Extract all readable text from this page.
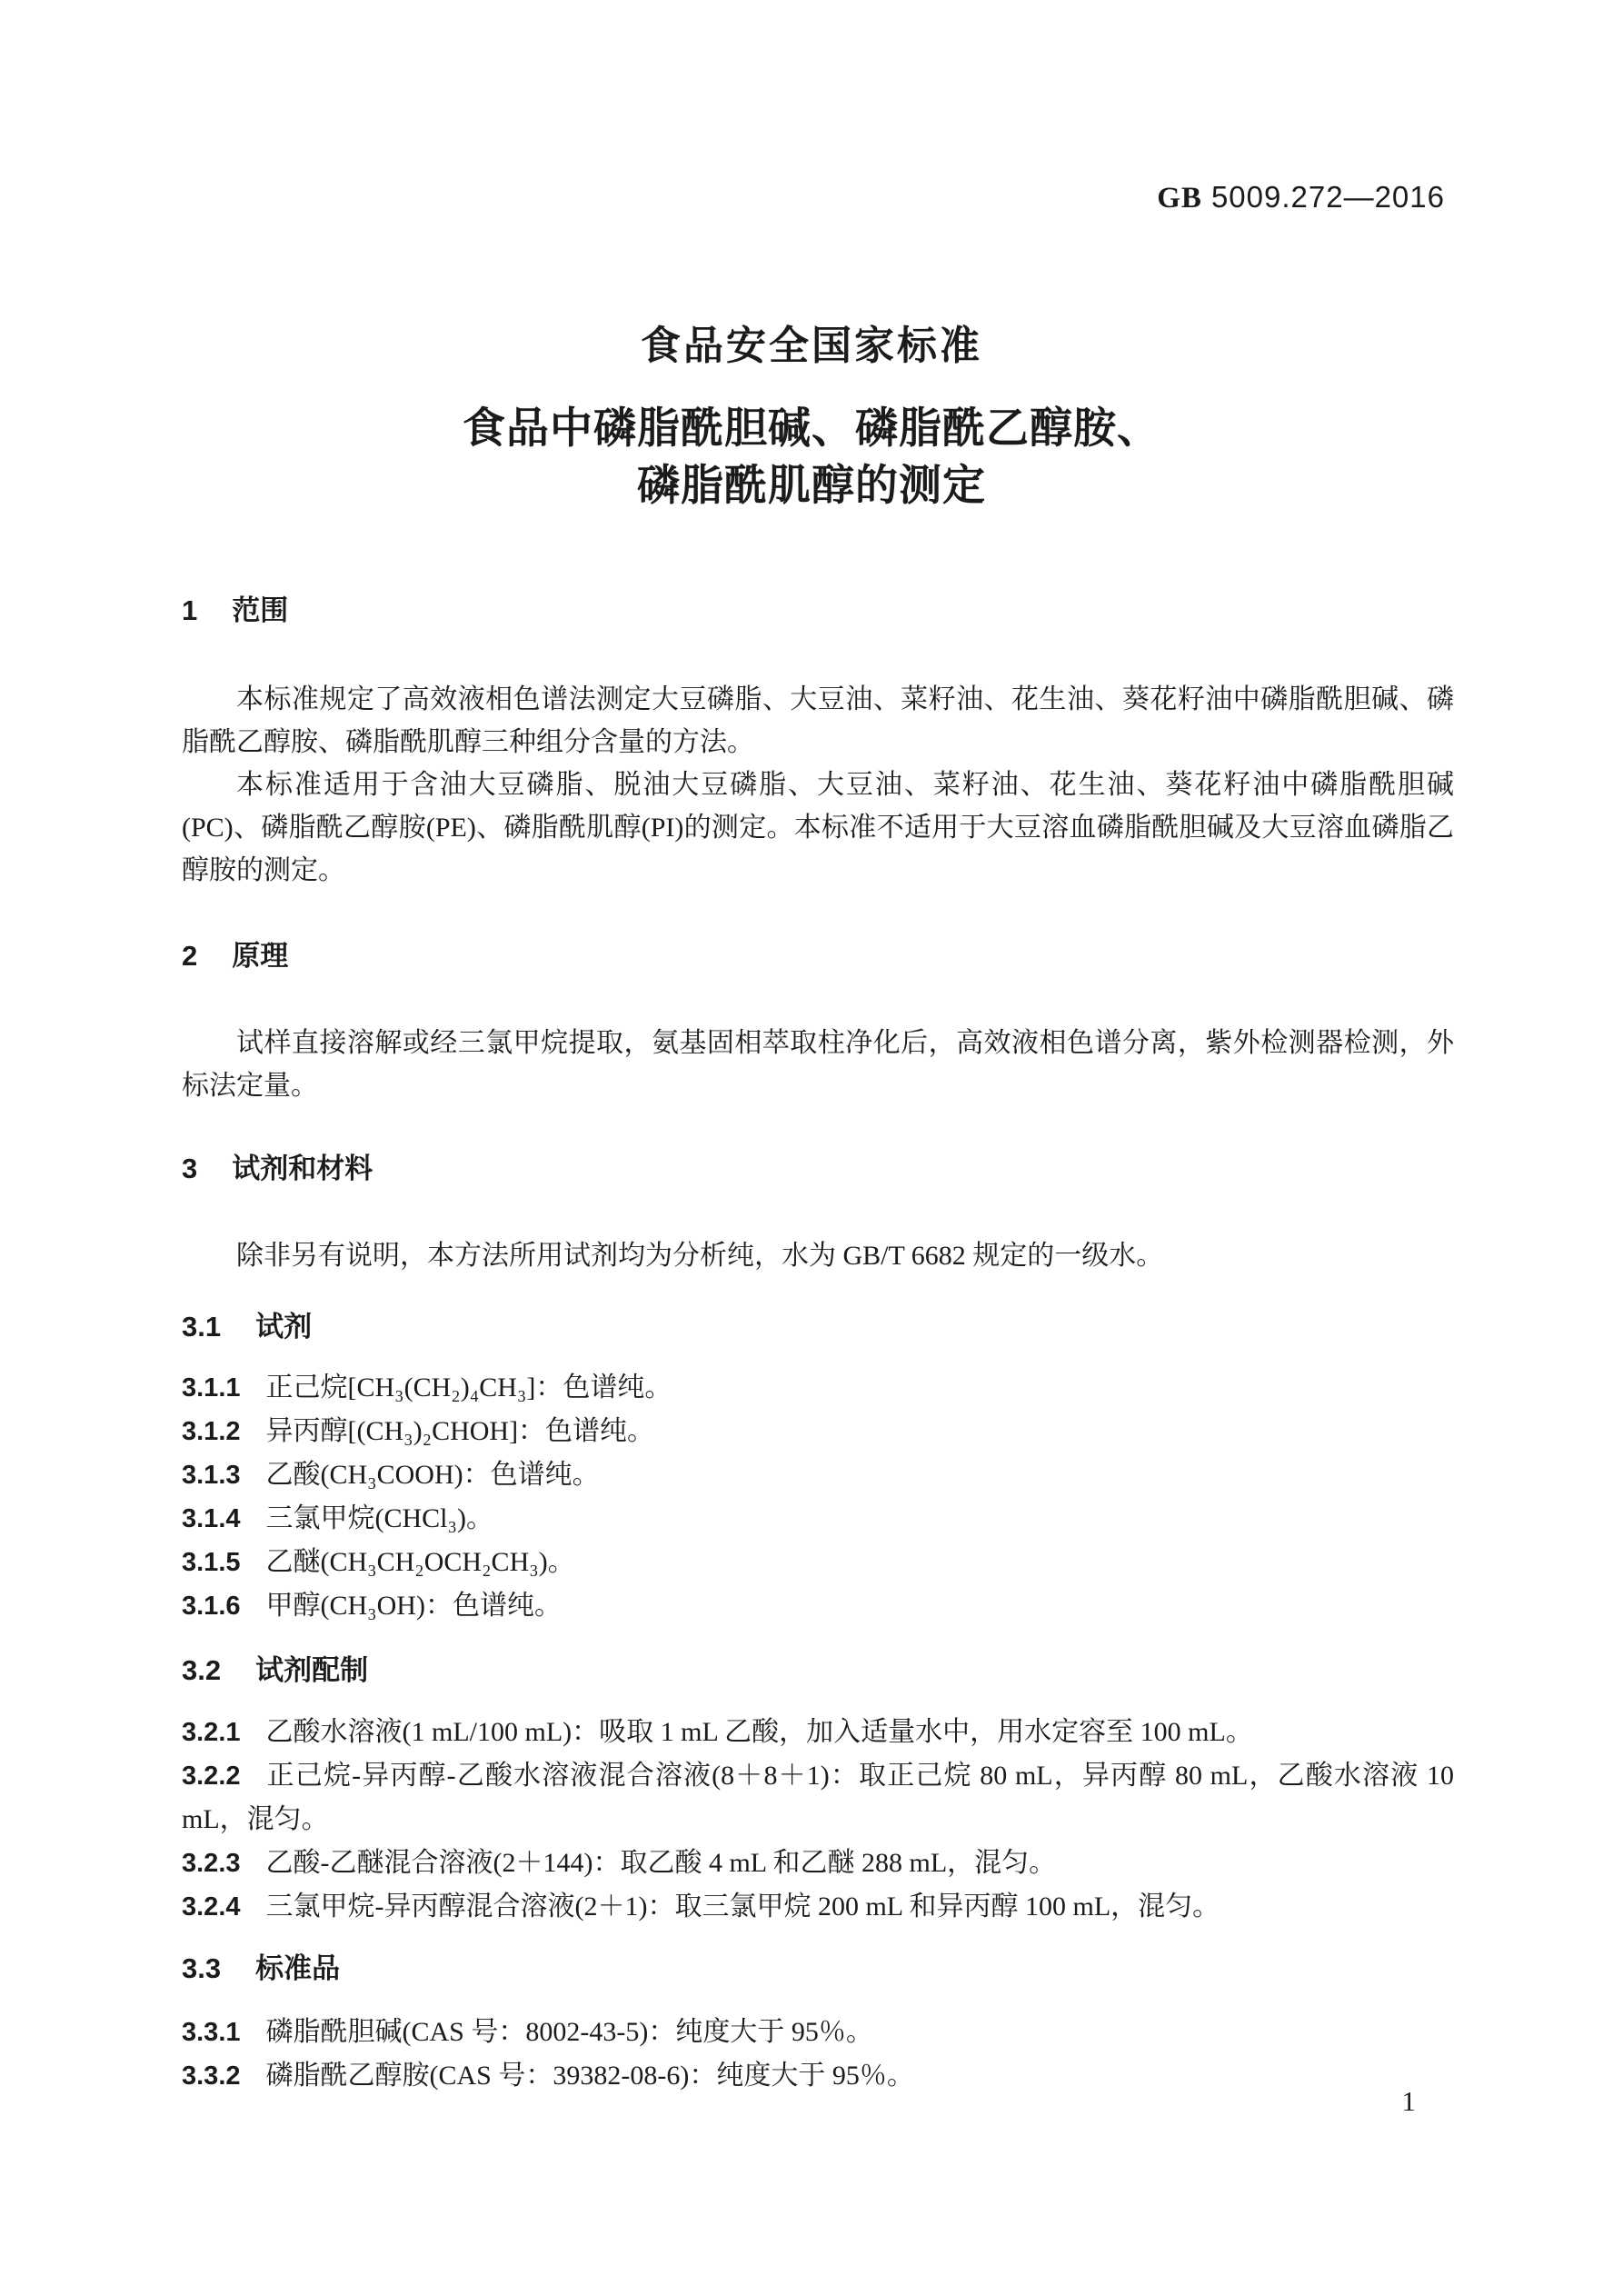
GB 5009.272—2016
食品安全国家标准
食品中磷脂酰胆碱、磷脂酰乙醇胺、
磷脂酰肌醇的测定
1 范围

本标准规定了高效液相色谱法测定大豆磷脂、大豆油、菜籽油、花生油、葵花籽油中磷脂酰胆碱、磷脂酰乙醇胺、磷脂酰肌醇三种组分含量的方法。

本标准适用于含油大豆磷脂、脱油大豆磷脂、大豆油、菜籽油、花生油、葵花籽油中磷脂酰胆碱(PC)、磷脂酰乙醇胺(PE)、磷脂酰肌醇(PI)的测定。本标准不适用于大豆溶血磷脂酰胆碱及大豆溶血磷脂乙醇胺的测定。

2 原理

试样直接溶解或经三氯甲烷提取，氨基固相萃取柱净化后，高效液相色谱分离，紫外检测器检测，外标法定量。

3 试剂和材料

除非另有说明，本方法所用试剂均为分析纯，水为 GB/T 6682 规定的一级水。

3.1 试剂
3.1.1 正己烷[CH₃(CH₂)₄CH₃]：色谱纯。
3.1.2 异丙醇[(CH₃)₂CHOH]：色谱纯。
3.1.3 乙酸(CH₃COOH)：色谱纯。
3.1.4 三氯甲烷(CHCl₃)。
3.1.5 乙醚(CH₃CH₂OCH₂CH₃)。
3.1.6 甲醇(CH₃OH)：色谱纯。
3.2 试剂配制
3.2.1 乙酸水溶液(1 mL/100 mL)：吸取 1 mL 乙酸，加入适量水中，用水定容至 100 mL。
3.2.2 正己烷-异丙醇-乙酸水溶液混合溶液(8＋8＋1)：取正己烷 80 mL，异丙醇 80 mL，乙酸水溶液 10 mL，混匀。
3.2.3 乙酸-乙醚混合溶液(2＋144)：取乙酸 4 mL 和乙醚 288 mL，混匀。
3.2.4 三氯甲烷-异丙醇混合溶液(2＋1)：取三氯甲烷 200 mL 和异丙醇 100 mL，混匀。
3.3 标准品
3.3.1 磷脂酰胆碱(CAS 号：8002-43-5)：纯度大于 95％。
3.3.2 磷脂酰乙醇胺(CAS 号：39382-08-6)：纯度大于 95％。
1
